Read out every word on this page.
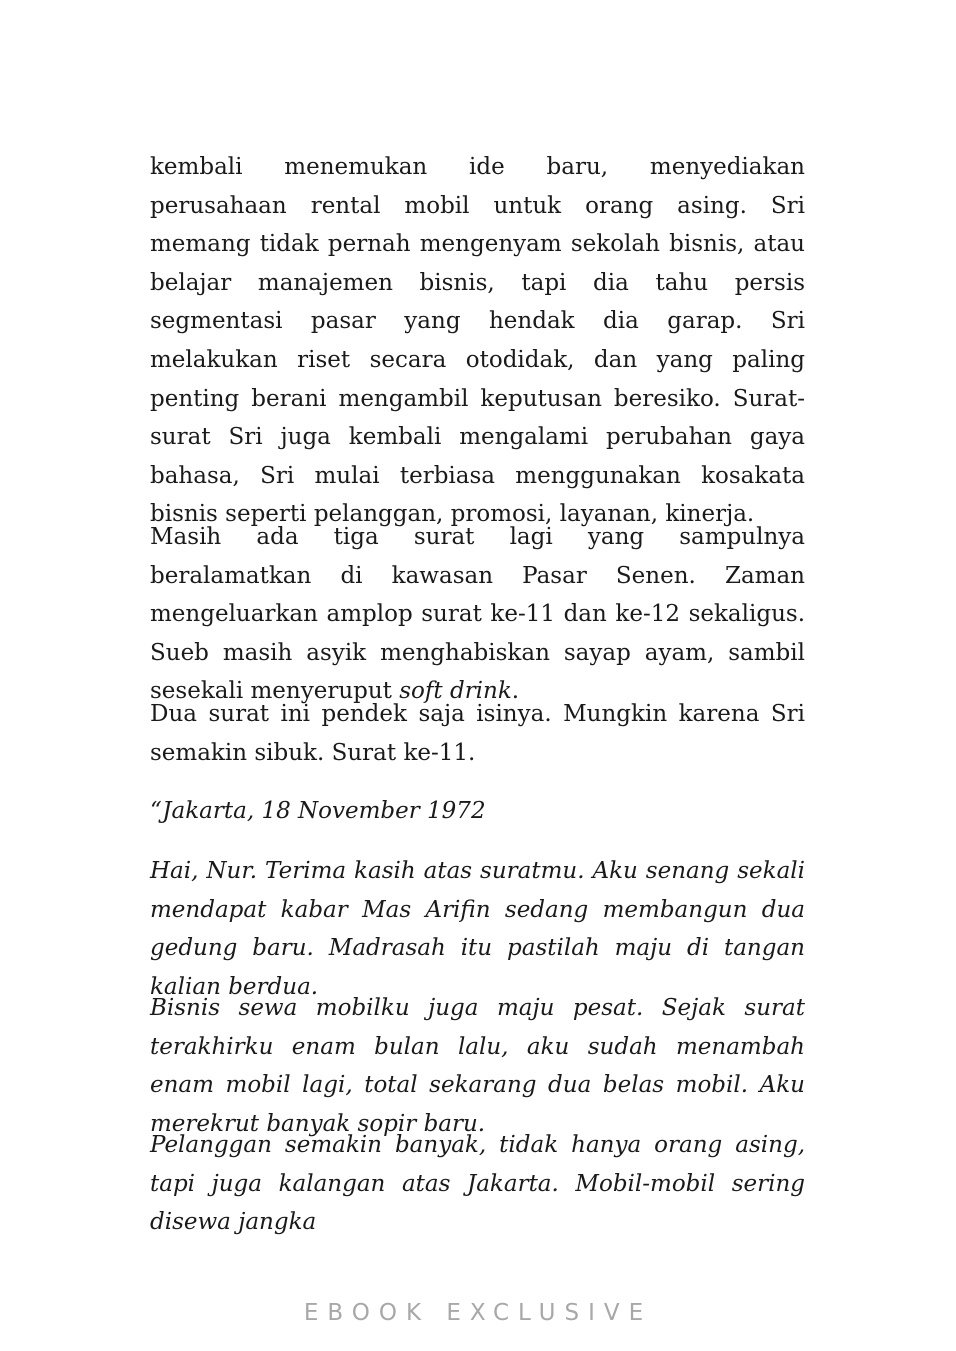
kembali menemukan ide baru, menyediakan perusahaan rental mobil untuk orang asing. Sri memang tidak pernah mengenyam sekolah bisnis, atau belajar manajemen bisnis, tapi dia tahu persis segmentasi pasar yang hendak dia garap. Sri melakukan riset secara otodidak, dan yang paling penting berani mengambil keputusan beresiko. Surat-surat Sri juga kembali mengalami perubahan gaya bahasa, Sri mulai terbiasa menggunakan kosakata bisnis seperti pelanggan, promosi, layanan, kinerja.

Masih ada tiga surat lagi yang sampulnya beralamatkan di kawasan Pasar Senen. Zaman mengeluarkan amplop surat ke-11 dan ke-12 sekaligus. Sueb masih asyik menghabiskan sayap ayam, sambil sesekali menyeruput soft drink.

Dua surat ini pendek saja isinya. Mungkin karena Sri semakin sibuk. Surat ke-11.

“Jakarta, 18 November 1972

Hai, Nur. Terima kasih atas suratmu. Aku senang sekali mendapat kabar Mas Arifin sedang membangun dua gedung baru. Madrasah itu pastilah maju di tangan kalian berdua.

Bisnis sewa mobilku juga maju pesat. Sejak surat terakhirku enam bulan lalu, aku sudah menambah enam mobil lagi, total sekarang dua belas mobil. Aku merekrut banyak sopir baru.

Pelanggan semakin banyak, tidak hanya orang asing, tapi juga kalangan atas Jakarta. Mobil-mobil sering disewa jangka

EBOOK EXCLUSIVE
